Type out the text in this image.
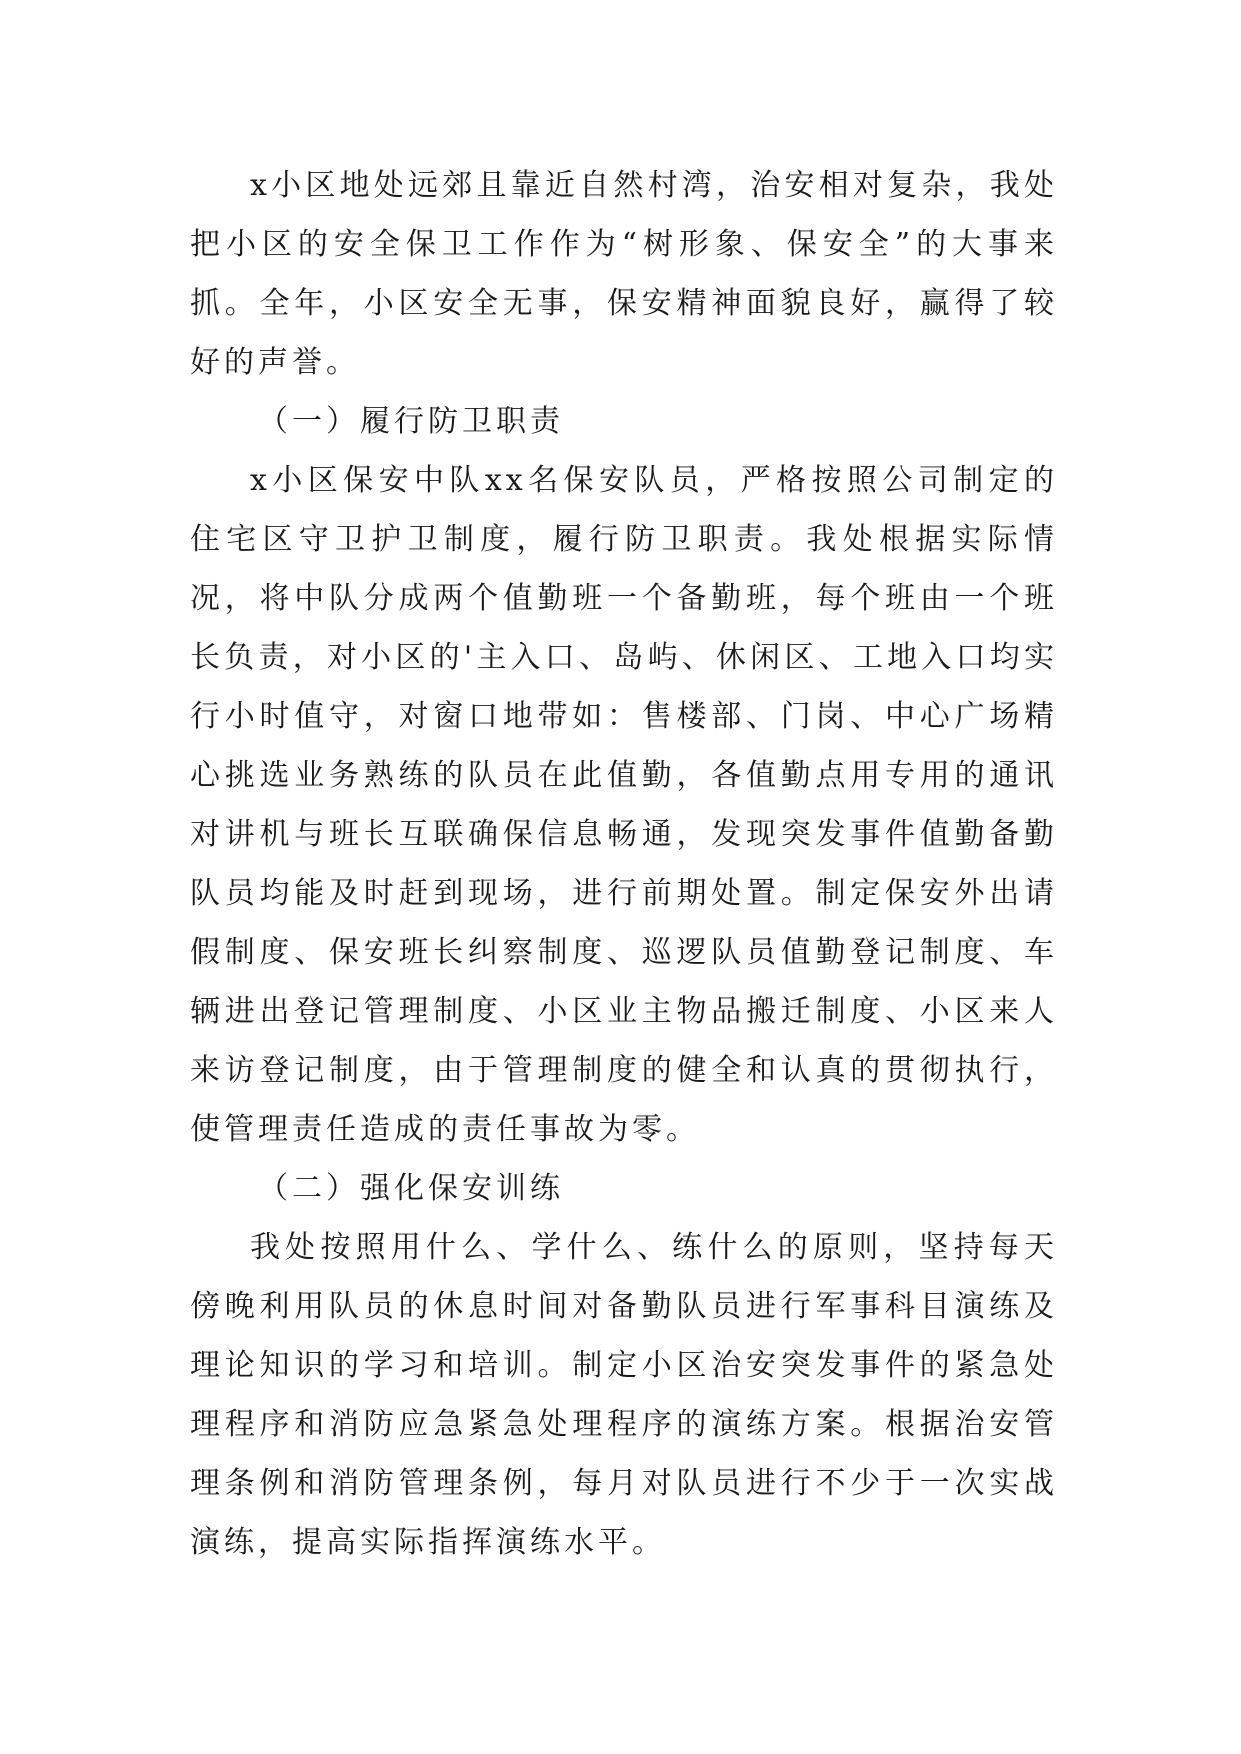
x小区地处远郊且靠近自然村湾，治安相对复杂，我处把小区的安全保卫工作作为“树形象、保安全”的大事来抓。全年，小区安全无事，保安精神面貌良好，赢得了较好的声誉。

（一）履行防卫职责

x小区保安中队xx名保安队员，严格按照公司制定的住宅区守卫护卫制度，履行防卫职责。我处根据实际情况，将中队分成两个值勤班一个备勤班，每个班由一个班长负责，对小区的'主入口、岛屿、休闲区、工地入口均实行小时值守，对窗口地带如：售楼部、门岗、中心广场精心挑选业务熟练的队员在此值勤，各值勤点用专用的通讯对讲机与班长互联确保信息畅通，发现突发事件值勤备勤队员均能及时赶到现场，进行前期处置。制定保安外出请假制度、保安班长纠察制度、巡逻队员值勤登记制度、车辆进出登记管理制度、小区业主物品搬迁制度、小区来人来访登记制度，由于管理制度的健全和认真的贯彻执行，使管理责任造成的责任事故为零。

（二）强化保安训练

我处按照用什么、学什么、练什么的原则，坚持每天傍晚利用队员的休息时间对备勤队员进行军事科目演练及理论知识的学习和培训。制定小区治安突发事件的紧急处理程序和消防应急紧急处理程序的演练方案。根据治安管理条例和消防管理条例，每月对队员进行不少于一次实战演练，提高实际指挥演练水平。
